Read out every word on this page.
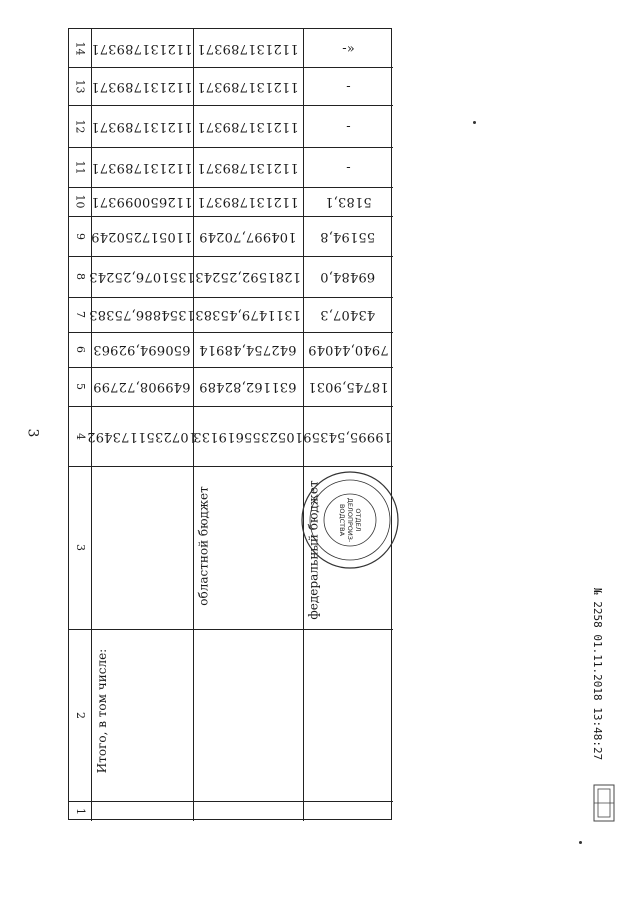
3
14
13
12
11
10
9
8
7
6
5
4
3
2
1
112131789371
112131789371
112131789371
112131789371
112650099371
110517250249
1351076,25243
1354886,75383
650694,92963
649908,72799
1072351173492
112131789371
112131789371
112131789371
112131789371
112131789371
104997,70249
1281592,25243
1311479,45383
642754,48914
631162,82489
1052355619133
«-
-
-
-
5183,1
55194,8
69484,0
43407,3
7940,44049
18745,9031
19995,54359
Итого, в том числе:
областной бюджет	федеральный бюджет	ОТДЕЛ
ДЕЛОПРОИЗ-
ВОДСТВА
№ 2258 01.11.2018 13:48:27
